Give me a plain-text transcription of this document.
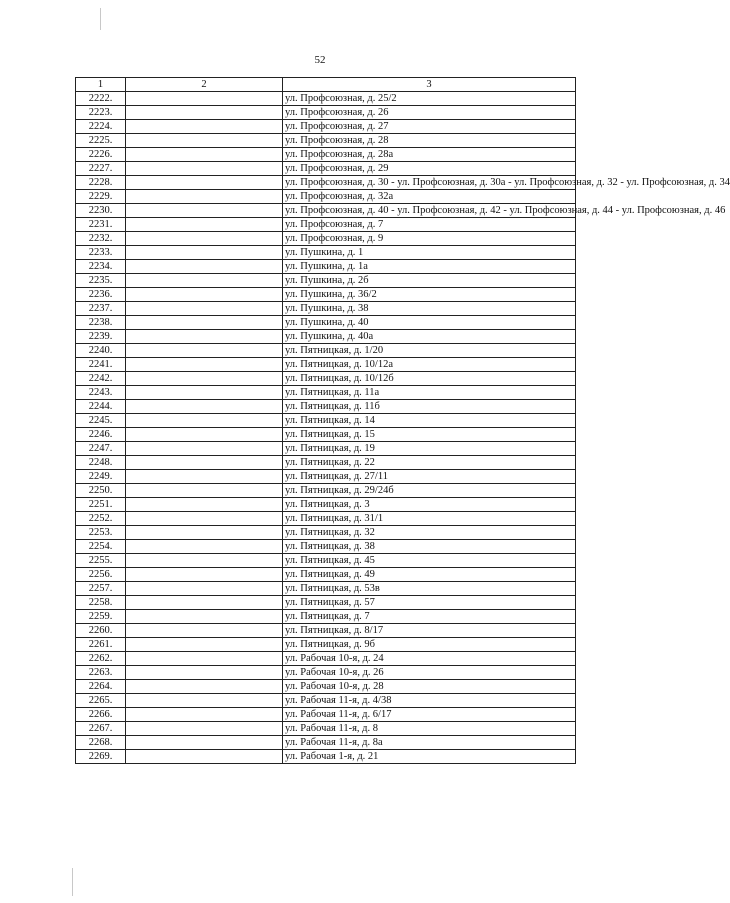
52
1	2	3
2222.		ул. Профсоюзная, д. 25/2
2223.		ул. Профсоюзная, д. 26
2224.		ул. Профсоюзная, д. 27
2225.		ул. Профсоюзная, д. 28
2226.		ул. Профсоюзная, д. 28а
2227.		ул. Профсоюзная, д. 29
2228.		ул. Профсоюзная, д. 30 - ул. Профсоюзная, д. 30а - ул. Профсоюзная, д. 32 - ул. Профсоюзная, д. 34
2229.		ул. Профсоюзная, д. 32а
2230.		ул. Профсоюзная, д. 40 - ул. Профсоюзная, д. 42 - ул. Профсоюзная, д. 44 - ул. Профсоюзная, д. 46
2231.		ул. Профсоюзная, д. 7
2232.		ул. Профсоюзная, д. 9
2233.		ул. Пушкина, д. 1
2234.		ул. Пушкина, д. 1а
2235.		ул. Пушкина, д. 2б
2236.		ул. Пушкина, д. 36/2
2237.		ул. Пушкина, д. 38
2238.		ул. Пушкина, д. 40
2239.		ул. Пушкина, д. 40а
2240.		ул. Пятницкая, д. 1/20
2241.		ул. Пятницкая, д. 10/12а
2242.		ул. Пятницкая, д. 10/12б
2243.		ул. Пятницкая, д. 11а
2244.		ул. Пятницкая, д. 11б
2245.		ул. Пятницкая, д. 14
2246.		ул. Пятницкая, д. 15
2247.		ул. Пятницкая, д. 19
2248.		ул. Пятницкая, д. 22
2249.		ул. Пятницкая, д. 27/11
2250.		ул. Пятницкая, д. 29/24б
2251.		ул. Пятницкая, д. 3
2252.		ул. Пятницкая, д. 31/1
2253.		ул. Пятницкая, д. 32
2254.		ул. Пятницкая, д. 38
2255.		ул. Пятницкая, д. 45
2256.		ул. Пятницкая, д. 49
2257.		ул. Пятницкая, д. 53в
2258.		ул. Пятницкая, д. 57
2259.		ул. Пятницкая, д. 7
2260.		ул. Пятницкая, д. 8/17
2261.		ул. Пятницкая, д. 9б
2262.		ул. Рабочая 10-я, д. 24
2263.		ул. Рабочая 10-я, д. 26
2264.		ул. Рабочая 10-я, д. 28
2265.		ул. Рабочая 11-я, д. 4/38
2266.		ул. Рабочая 11-я, д. 6/17
2267.		ул. Рабочая 11-я, д. 8
2268.		ул. Рабочая 11-я, д. 8а
2269.		ул. Рабочая 1-я, д. 21
